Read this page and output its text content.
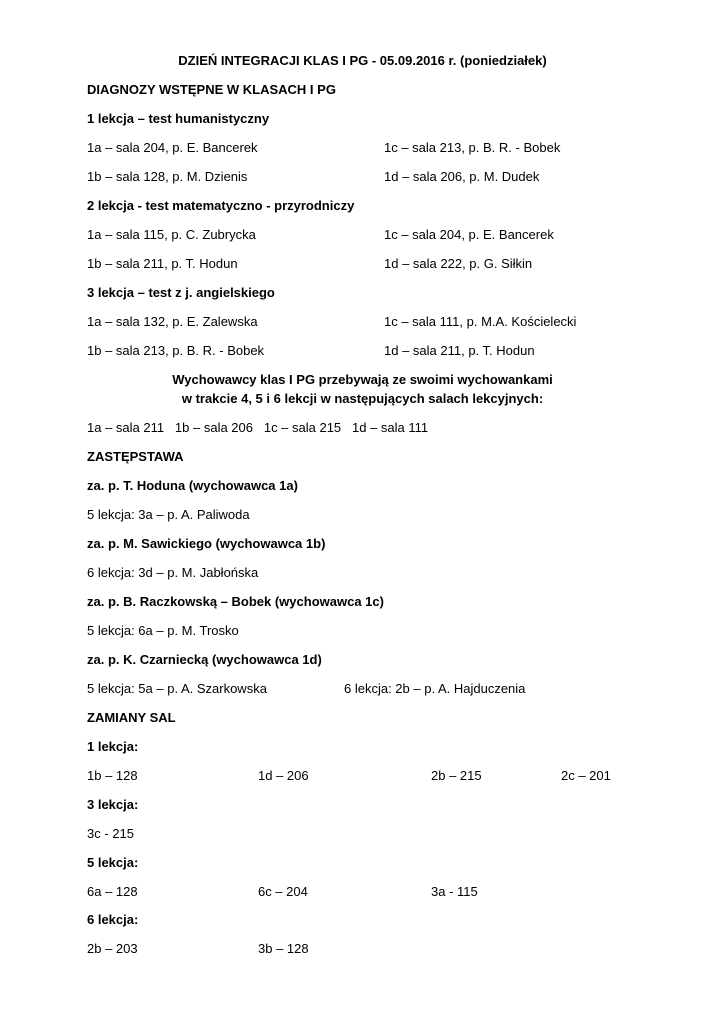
DZIEŃ INTEGRACJI KLAS I PG - 05.09.2016 r. (poniedziałek)
DIAGNOZY WSTĘPNE W KLASACH I PG
1 lekcja – test humanistyczny
1a – sala 204, p. E. Bancerek	1c – sala 213, p. B. R. - Bobek
1b – sala 128, p. M. Dzienis	1d – sala 206, p. M. Dudek
2 lekcja - test matematyczno - przyrodniczy
1a – sala 115, p. C. Zubrycka	1c – sala 204, p. E. Bancerek
1b – sala 211, p. T. Hodun	1d – sala 222, p. G. Siłkin
3 lekcja – test z j. angielskiego
1a – sala 132, p. E. Zalewska	1c – sala 111, p. M.A. Kościelecki
1b – sala 213, p. B. R. - Bobek	1d – sala 211, p. T. Hodun
Wychowawcy klas I PG przebywają ze swoimi wychowankami
w trakcie 4, 5 i 6 lekcji w następujących salach lekcyjnych:
1a – sala 211   1b – sala 206   1c – sala 215   1d – sala 111
ZASTĘPSTAWA
za. p. T. Hoduna (wychowawca 1a)
5 lekcja: 3a – p. A. Paliwoda
za. p. M. Sawickiego (wychowawca 1b)
6 lekcja: 3d – p. M. Jabłońska
za. p. B. Raczkowską – Bobek (wychowawca 1c)
5 lekcja: 6a – p. M. Trosko
za. p. K. Czarniecką (wychowawca 1d)
5 lekcja: 5a – p. A. Szarkowska	6 lekcja: 2b – p. A. Hajduczenia
ZAMIANY SAL
1 lekcja:
1b – 128	1d – 206	2b – 215	2c – 201
3 lekcja:
3c - 215
5 lekcja:
6a – 128	6c – 204	3a - 115
6 lekcja:
2b – 203	3b – 128
